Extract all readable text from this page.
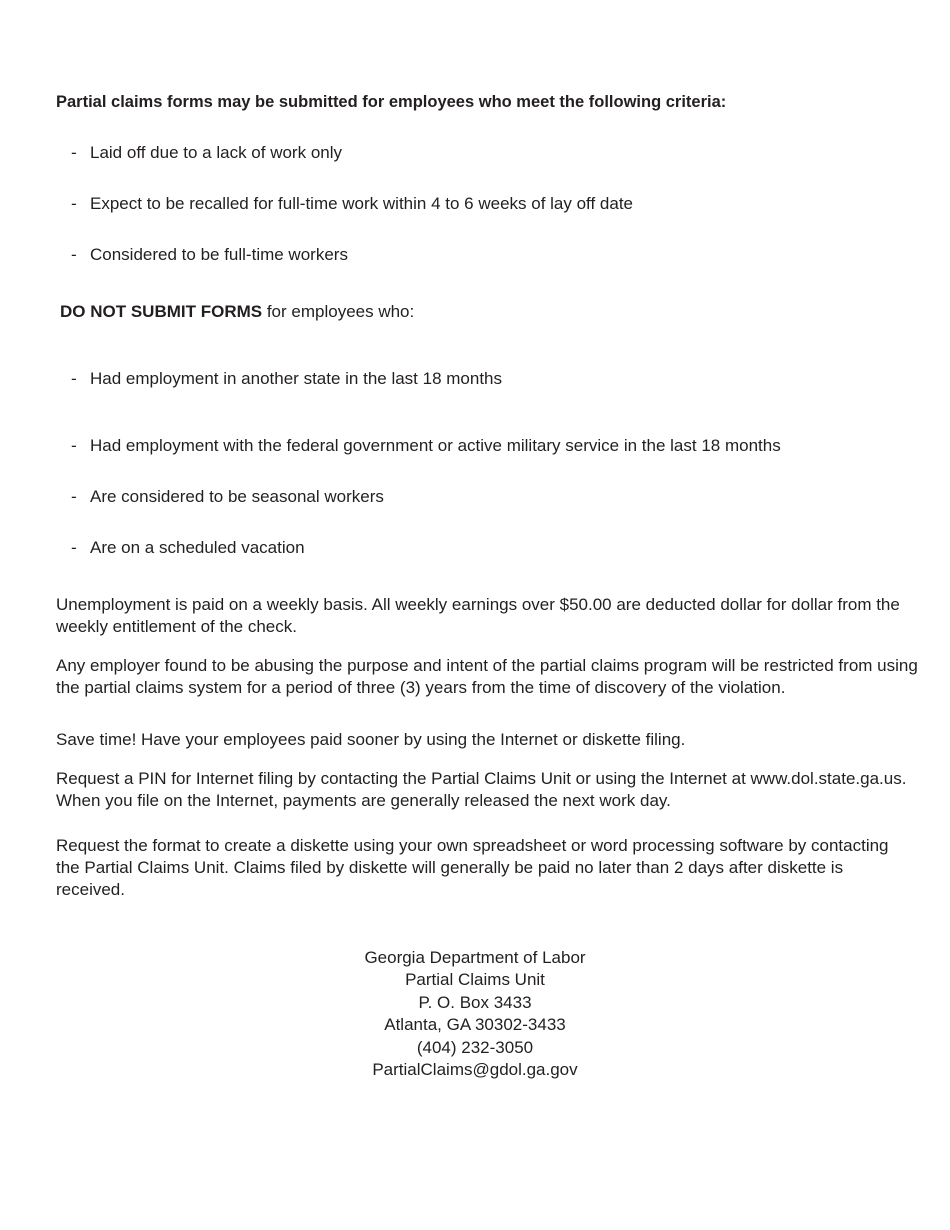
Partial claims forms may be submitted for employees who meet the following criteria:

- Laid off due to a lack of work only
- Expect to be recalled for full-time work within 4 to 6 weeks of lay off date
- Considered to be full-time workers

DO NOT SUBMIT FORMS for employees who:

- Had employment in another state in the last 18 months
- Had employment with the federal government or active military service in the last 18 months
- Are considered to be seasonal workers
- Are on a scheduled vacation

Unemployment is paid on a weekly basis. All weekly earnings over $50.00 are deducted dollar for dollar from the weekly entitlement of the check.

Any employer found to be abusing the purpose and intent of the partial claims program will be restricted from using the partial claims system for a period of three (3) years from the time of discovery of the violation.

Save time! Have your employees paid sooner by using the Internet or diskette filing.

Request a PIN for Internet filing by contacting the Partial Claims Unit or using the Internet at www.dol.state.ga.us. When you file on the Internet, payments are generally released the next work day.

Request the format to create a diskette using your own spreadsheet or word processing software by contacting the Partial Claims Unit. Claims filed by diskette will generally be paid no later than 2 days after diskette is received.

Georgia Department of Labor
Partial Claims Unit
P. O. Box 3433
Atlanta, GA 30302-3433
(404) 232-3050
PartialClaims@gdol.ga.gov
